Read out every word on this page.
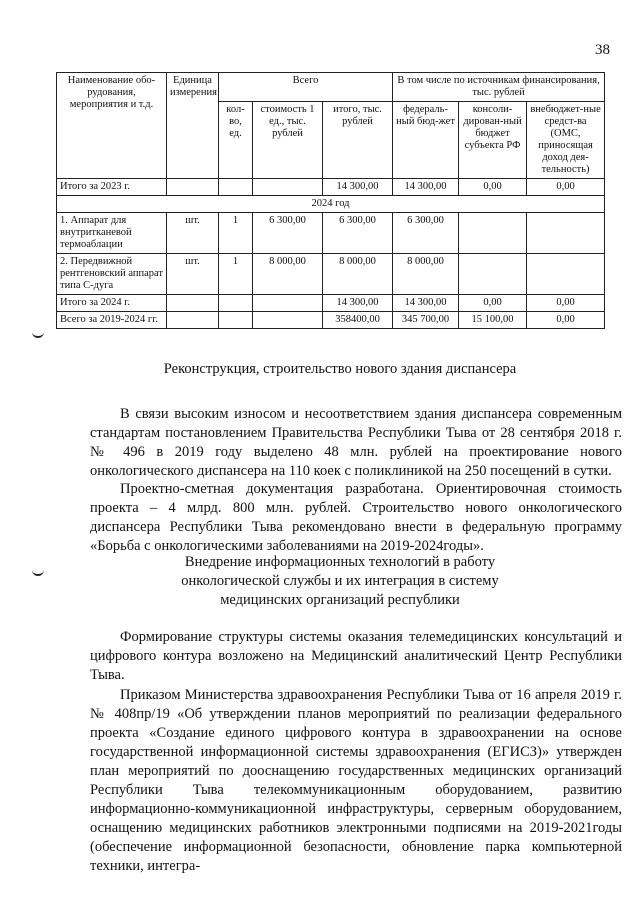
38
Наименование обо-рудования, мероприятия и т.д.	Единица измерения	Всего			В том числе по источникам финансирования, тыс. рублей		
		кол-во, ед.	стоимость 1 ед., тыс. рублей	итого, тыс. рублей	федераль-ный бюд-жет	консоли-дирован-ный бюджет субъекта РФ	внебюджет-ные средст-ва (ОМС, приносящая доход дея-тельность)
Итого за 2023 г.				14 300,00	14 300,00	0,00	0,00
2024 год							
1. Аппарат для внутритканевой термоаблации	шт.	1	6 300,00	6 300,00	6 300,00		
2. Передвижной рентгеновский аппарат типа С-дуга	шт.	1	8 000,00	8 000,00	8 000,00		
Итого за 2024 г.				14 300,00	14 300,00	0,00	0,00
Всего за 2019-2024 гг.				358400,00	345 700,00	15 100,00	0,00
Реконструкция, строительство нового здания диспансера
В связи высоким износом и несоответствием здания диспансера современным стандартам постановлением Правительства Республики Тыва от 28 сентября 2018 г. № 496 в 2019 году выделено 48 млн. рублей на проектирование нового онкологического диспансера на 110 коек с поликлиникой на 250 посещений в сутки.
Проектно-сметная документация разработана. Ориентировочная стоимость проекта – 4 млрд. 800 млн. рублей. Строительство нового онкологического диспансера Республики Тыва рекомендовано внести в федеральную программу «Борьба с онкологическими заболеваниями на 2019-2024годы».
Внедрение информационных технологий в работу
онкологической службы и их интеграция в систему
медицинских организаций республики
Формирование структуры системы оказания телемедицинских консультаций и цифрового контура возложено на Медицинский аналитический Центр Республики Тыва.
Приказом Министерства здравоохранения Республики Тыва от 16 апреля 2019 г. № 408пр/19 «Об утверждении планов мероприятий по реализации федерального проекта «Создание единого цифрового контура в здравоохранении на основе государственной информационной системы здравоохранения (ЕГИСЗ)» утвержден план мероприятий по дооснащению государственных медицинских организаций Республики Тыва телекоммуникационным оборудованием, развитию информационно-коммуникационной инфраструктуры, серверным оборудованием, оснащению медицинских работников электронными подписями на 2019-2021годы (обеспечение информационной безопасности, обновление парка компьютерной техники, интегра-
